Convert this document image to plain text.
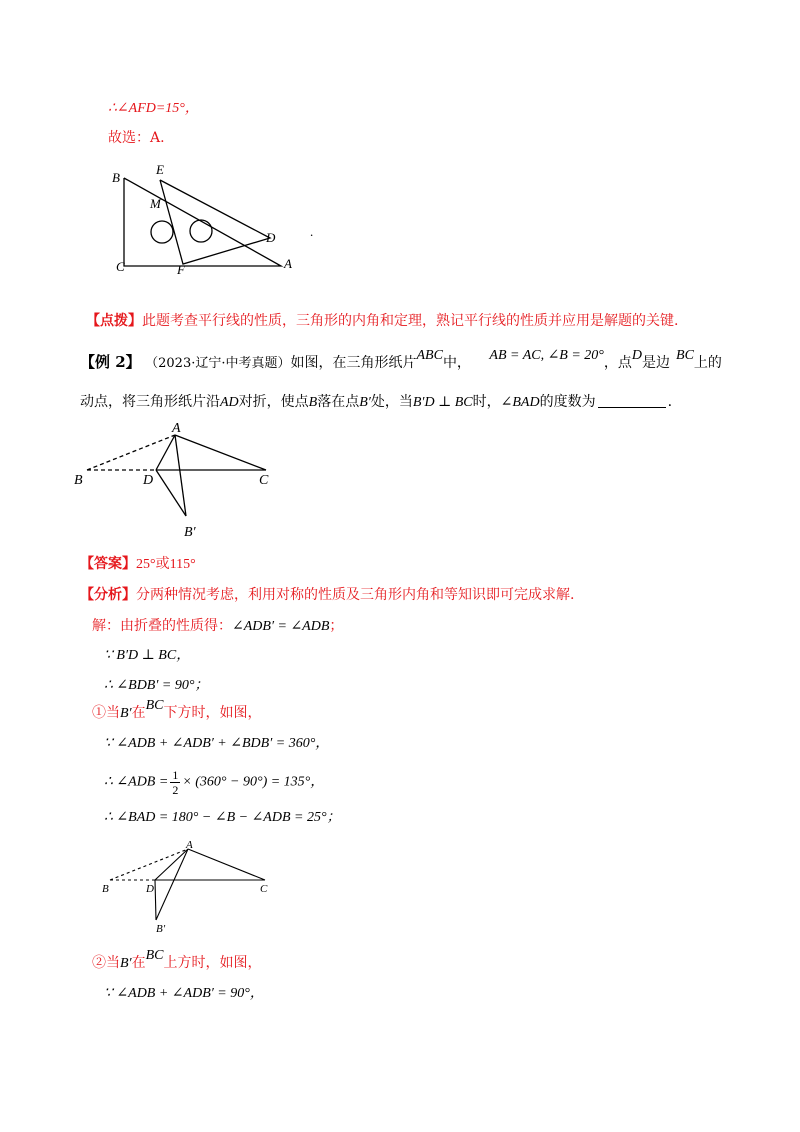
∴∠AFD=15°，
故选：A.
B
E
M
D
C	F	A
.
【点拨】此题考查平行线的性质，三角形的内角和定理，熟记平行线的性质并应用是解题的关键.
【例 2】 （2023·辽宁·中考真题）如图，在三角形纸片ABC中， AB = AC, ∠B = 20°，点D是边 BC上的
动点，将三角形纸片沿AD对折，使点B落在点B′处，当B′D ⊥ BC时，∠BAD的度数为	.
A
B	D	C
B′
【答案】25°或115°
【分析】分两种情况考虑，利用对称的性质及三角形内角和等知识即可完成求解.
解：由折叠的性质得：∠ADB′ = ∠ADB；
∵ B′D ⊥ BC，
∴ ∠BDB′ = 90°；
①当B′在BC下方时，如图，
∵ ∠ADB + ∠ADB′ + ∠BDB′ = 360°，
∴ ∠ADB = $\frac{1}{2} \times (360^\circ - 90^\circ) = 135^\circ$，
∴ ∠BAD = 180° − ∠B − ∠ADB = 25°；
A
B	D	C
B′
②当B′在BC上方时，如图，
∵ ∠ADB + ∠ADB′ = 90°，
